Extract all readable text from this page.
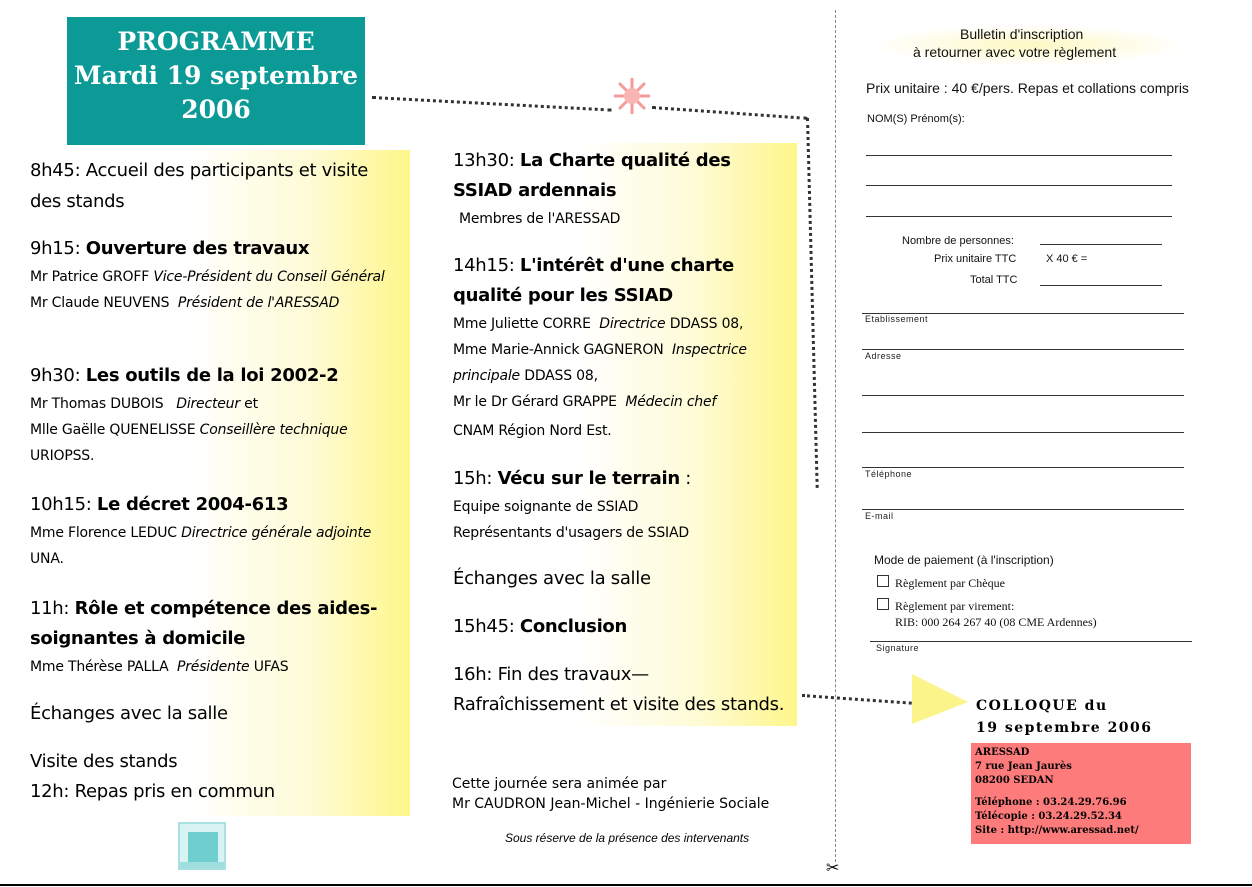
PROGRAMME
Mardi 19 septembre
2006
8h45: Accueil des participants et visite des stands
9h15: Ouverture des travaux
Mr Patrice GROFF Vice-Président du Conseil Général
Mr Claude NEUVENS Président de l'ARESSAD
9h30: Les outils de la loi 2002-2
Mr Thomas DUBOIS Directeur et
Mlle Gaëlle QUENELISSE Conseillère technique
URIOPSS.
10h15: Le décret 2004-613
Mme Florence LEDUC Directrice générale adjointe
UNA.
11h: Rôle et compétence des aides-soignantes à domicile
Mme Thérèse PALLA Présidente UFAS
Échanges avec la salle
Visite des stands
12h: Repas pris en commun
13h30: La Charte qualité des SSIAD ardennais
Membres de l'ARESSAD
14h15: L'intérêt d'une charte qualité pour les SSIAD
Mme Juliette CORRE Directrice DDASS 08,
Mme Marie-Annick GAGNERON Inspectrice principale DDASS 08,
Mr le Dr Gérard GRAPPE Médecin chef
CNAM Région Nord Est.
15h: Vécu sur le terrain :
Equipe soignante de SSIAD
Représentants d'usagers de SSIAD
Échanges avec la salle
15h45: Conclusion
16h: Fin des travaux— Rafraîchissement et visite des stands.
Cette journée sera animée par
Mr CAUDRON Jean-Michel - Ingénierie Sociale
Sous réserve de la présence des intervenants
✂
Bulletin d'inscription
à retourner avec votre règlement
Prix unitaire : 40 €/pers. Repas et collations compris
NOM(S) Prénom(s):
Nombre de personnes:
Prix unitaire TTC	X 40 € =
Total TTC
Etablissement
Adresse
Téléphone
E-mail
Mode de paiement (à l'inscription)
Règlement par Chèque
Règlement par virement:
RIB: 000 264 267 40 (08 CME Ardennes)
Signature
COLLOQUE du
19 septembre 2006
ARESSAD
7 rue Jean Jaurès
08200 SEDAN
Téléphone : 03.24.29.76.96
Télécopie : 03.24.29.52.34
Site : http://www.aressad.net/
